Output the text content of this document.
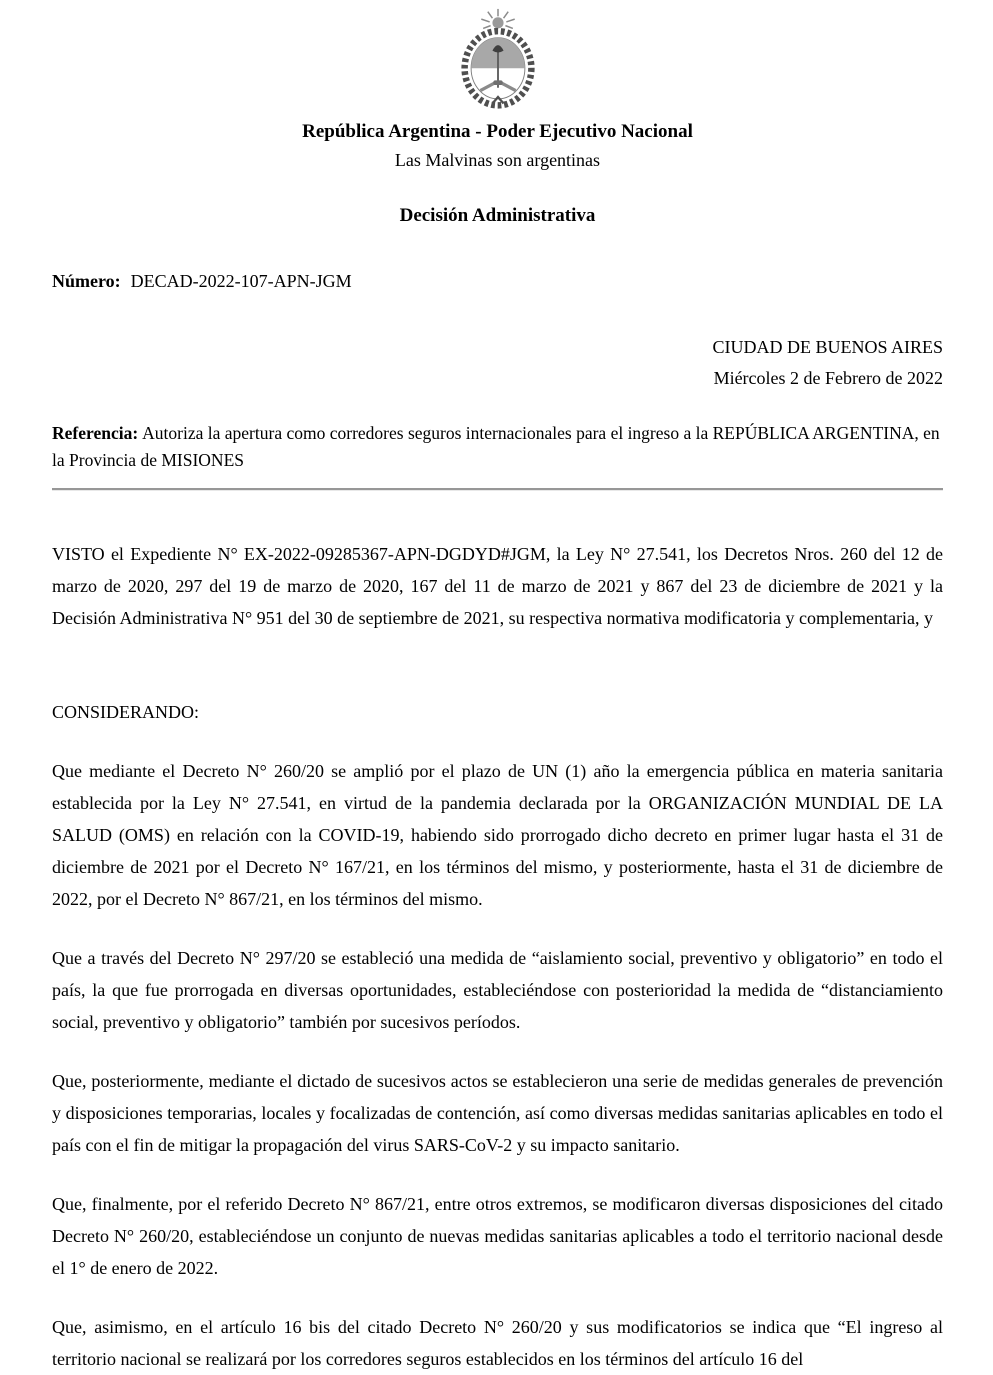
República Argentina - Poder Ejecutivo Nacional

Las Malvinas son argentinas

Decisión Administrativa

Número: DECAD-2022-107-APN-JGM

CIUDAD DE BUENOS AIRES
Miércoles 2 de Febrero de 2022

Referencia: Autoriza la apertura como corredores seguros internacionales para el ingreso a la REPÚBLICA ARGENTINA, en la Provincia de MISIONES

VISTO el Expediente N° EX-2022-09285367-APN-DGDYD#JGM, la Ley N° 27.541, los Decretos Nros. 260 del 12 de marzo de 2020, 297 del 19 de marzo de 2020, 167 del 11 de marzo de 2021 y 867 del 23 de diciembre de 2021 y la Decisión Administrativa N° 951 del 30 de septiembre de 2021, su respectiva normativa modificatoria y complementaria, y

CONSIDERANDO:

Que mediante el Decreto N° 260/20 se amplió por el plazo de UN (1) año la emergencia pública en materia sanitaria establecida por la Ley N° 27.541, en virtud de la pandemia declarada por la ORGANIZACIÓN MUNDIAL DE LA SALUD (OMS) en relación con la COVID-19, habiendo sido prorrogado dicho decreto en primer lugar hasta el 31 de diciembre de 2021 por el Decreto N° 167/21, en los términos del mismo, y posteriormente, hasta el 31 de diciembre de 2022, por el Decreto N° 867/21, en los términos del mismo.

Que a través del Decreto N° 297/20 se estableció una medida de “aislamiento social, preventivo y obligatorio” en todo el país, la que fue prorrogada en diversas oportunidades, estableciéndose con posterioridad la medida de “distanciamiento social, preventivo y obligatorio” también por sucesivos períodos.

Que, posteriormente, mediante el dictado de sucesivos actos se establecieron una serie de medidas generales de prevención y disposiciones temporarias, locales y focalizadas de contención, así como diversas medidas sanitarias aplicables en todo el país con el fin de mitigar la propagación del virus SARS-CoV-2 y su impacto sanitario.

Que, finalmente, por el referido Decreto N° 867/21, entre otros extremos, se modificaron diversas disposiciones del citado Decreto N° 260/20, estableciéndose un conjunto de nuevas medidas sanitarias aplicables a todo el territorio nacional desde el 1° de enero de 2022.

Que, asimismo, en el artículo 16 bis del citado Decreto N° 260/20 y sus modificatorios se indica que “El ingreso al territorio nacional se realizará por los corredores seguros establecidos en los términos del artículo 16 del
